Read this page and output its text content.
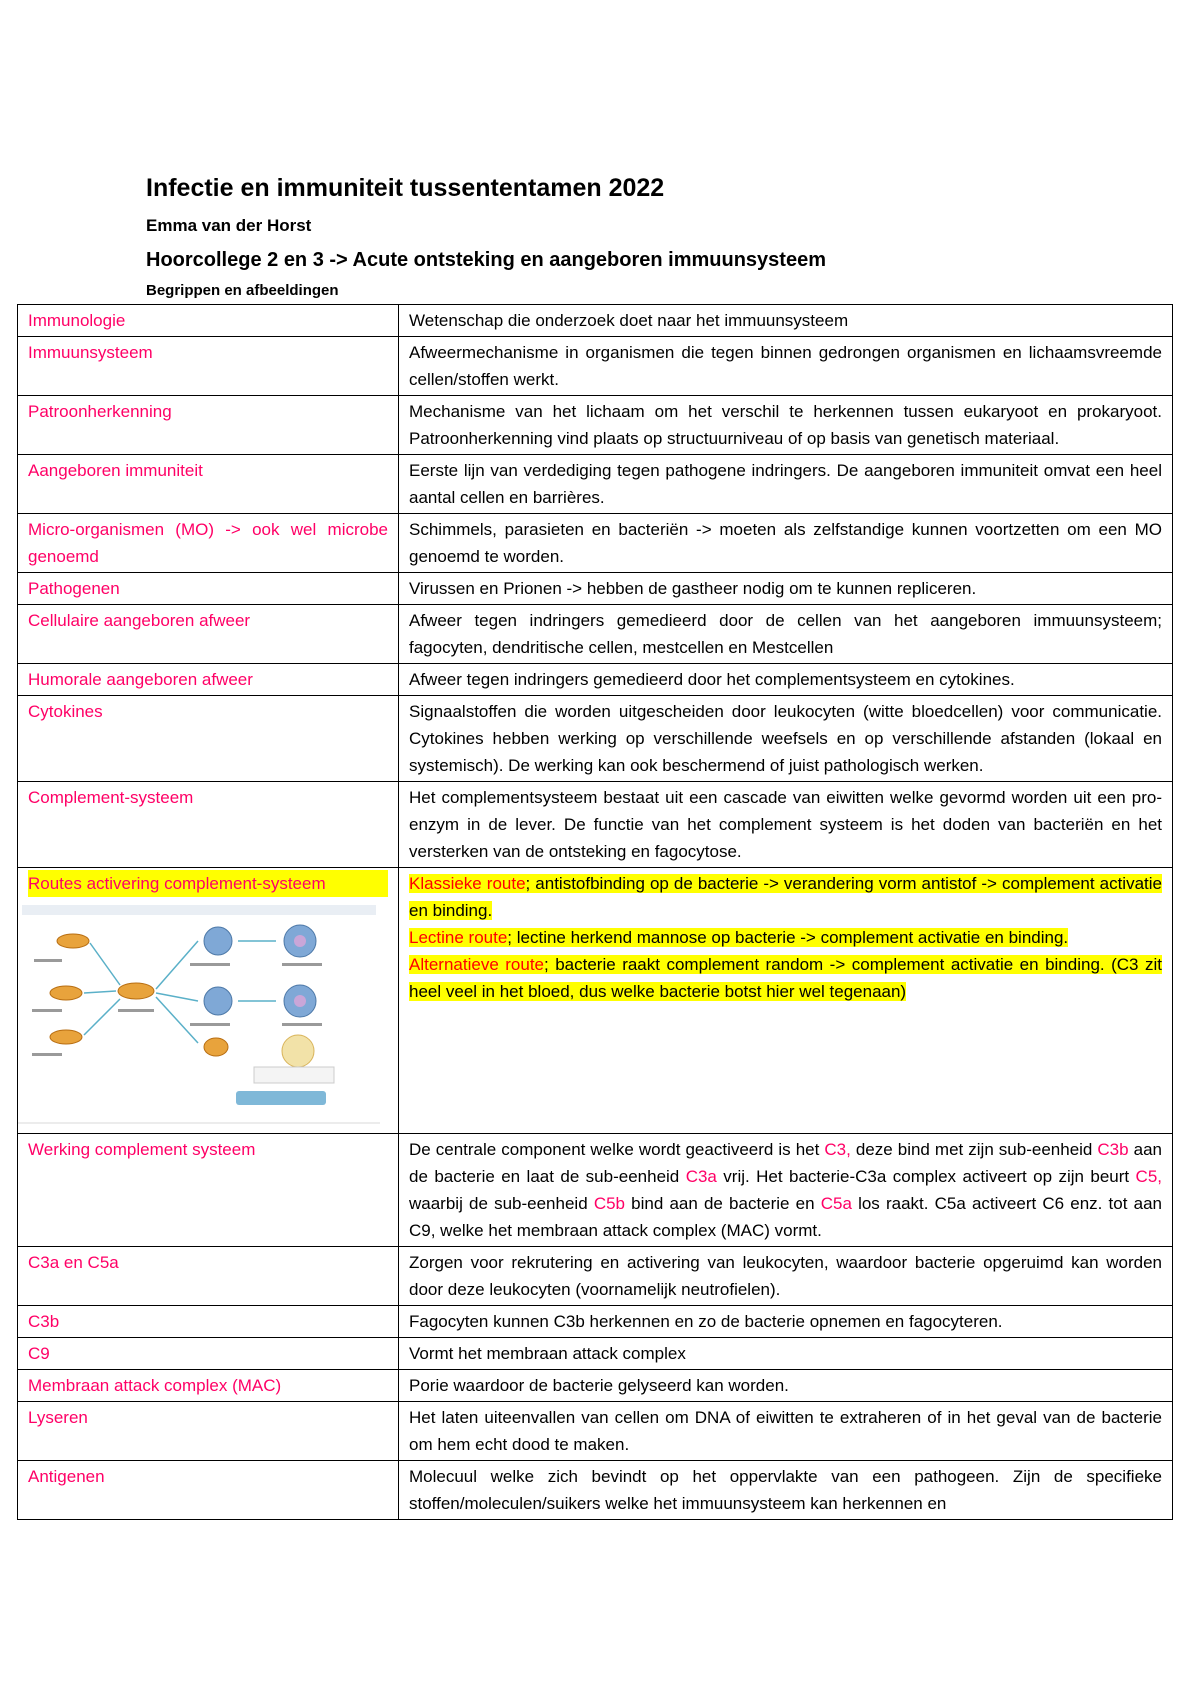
Infectie en immuniteit tussententamen 2022
Emma van der Horst
Hoorcollege 2 en 3 -> Acute ontsteking en aangeboren immuunsysteem
Begrippen en afbeeldingen
Immunologie	Wetenschap die onderzoek doet naar het immuunsysteem
Immuunsysteem	Afweermechanisme in organismen die tegen binnen gedrongen organismen en lichaamsvreemde cellen/stoffen werkt.
Patroonherkenning	Mechanisme van het lichaam om het verschil te herkennen tussen eukaryoot en prokaryoot. Patroonherkenning vind plaats op structuurniveau of op basis van genetisch materiaal.
Aangeboren immuniteit	Eerste lijn van verdediging tegen pathogene indringers. De aangeboren immuniteit omvat een heel aantal cellen en barrières.
Micro-organismen (MO) -> ook wel microbe genoemd	Schimmels, parasieten en bacteriën -> moeten als zelfstandige kunnen voortzetten om een MO genoemd te worden.
Pathogenen	Virussen en Prionen -> hebben de gastheer nodig om te kunnen repliceren.
Cellulaire aangeboren afweer	Afweer tegen indringers gemedieerd door de cellen van het aangeboren immuunsysteem; fagocyten, dendritische cellen, mestcellen en Mestcellen
Humorale aangeboren afweer	Afweer tegen indringers gemedieerd door het complementsysteem en cytokines.
Cytokines	Signaalstoffen die worden uitgescheiden door leukocyten (witte bloedcellen) voor communicatie. Cytokines hebben werking op verschillende weefsels en op verschillende afstanden (lokaal en systemisch). De werking kan ook beschermend of juist pathologisch werken.
Complement-systeem	Het complementsysteem bestaat uit een cascade van eiwitten welke gevormd worden uit een pro-enzym in de lever. De functie van het complement systeem is het doden van bacteriën en het versterken van de ontsteking en fagocytose.

Routes activering complement-systeem	Klassieke route; antistofbinding op de bacterie -> verandering vorm antistof -> complement activatie en binding.
Lectine route; lectine herkend mannose op bacterie -> complement activatie en binding.
Alternatieve route; bacterie raakt complement random -> complement activatie en binding. (C3 zit heel veel in het bloed, dus welke bacterie botst hier wel tegenaan)
Werking complement systeem	De centrale component welke wordt geactiveerd is het C3, deze bind met zijn sub-eenheid C3b aan de bacterie en laat de sub-eenheid C3a vrij. Het bacterie-C3a complex activeert op zijn beurt C5, waarbij de sub-eenheid C5b bind aan de bacterie en C5a los raakt. C5a activeert C6 enz. tot aan C9, welke het membraan attack complex (MAC) vormt.
C3a en C5a	Zorgen voor rekrutering en activering van leukocyten, waardoor bacterie opgeruimd kan worden door deze leukocyten (voornamelijk neutrofielen).
C3b	Fagocyten kunnen C3b herkennen en zo de bacterie opnemen en fagocyteren.
C9	Vormt het membraan attack complex
Membraan attack complex (MAC)	Porie waardoor de bacterie gelyseerd kan worden.
Lyseren	Het laten uiteenvallen van cellen om DNA of eiwitten te extraheren of in het geval van de bacterie om hem echt dood te maken.
Antigenen	Molecuul welke zich bevindt op het oppervlakte van een pathogeen. Zijn de specifieke stoffen/moleculen/suikers welke het immuunsysteem kan herkennen en
